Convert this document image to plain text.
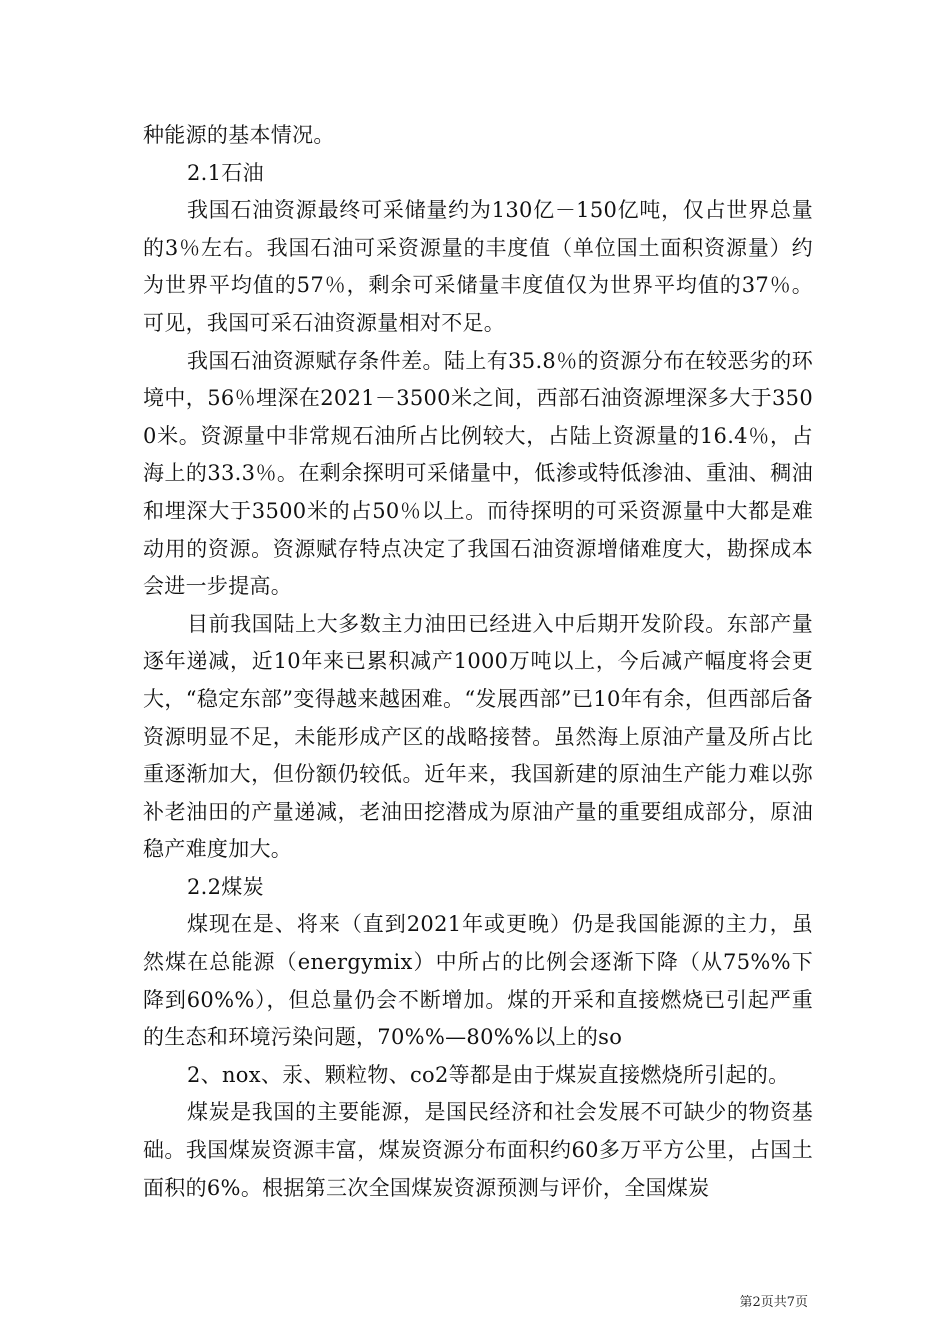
种能源的基本情况。

2.1石油

我国石油资源最终可采储量约为130亿－150亿吨，仅占世界总量的3％左右。我国石油可采资源量的丰度值（单位国土面积资源量）约为世界平均值的57％，剩余可采储量丰度值仅为世界平均值的37％。可见，我国可采石油资源量相对不足。

我国石油资源赋存条件差。陆上有35.8％的资源分布在较恶劣的环境中，56％埋深在2021－3500米之间，西部石油资源埋深多大于3500米。资源量中非常规石油所占比例较大，占陆上资源量的16.4％，占海上的33.3％。在剩余探明可采储量中，低渗或特低渗油、重油、稠油和埋深大于3500米的占50％以上。而待探明的可采资源量中大都是难动用的资源。资源赋存特点决定了我国石油资源增储难度大，勘探成本会进一步提高。

目前我国陆上大多数主力油田已经进入中后期开发阶段。东部产量逐年递减，近10年来已累积减产1000万吨以上，今后减产幅度将会更大，“稳定东部”变得越来越困难。“发展西部”已10年有余，但西部后备资源明显不足，未能形成产区的战略接替。虽然海上原油产量及所占比重逐渐加大，但份额仍较低。近年来，我国新建的原油生产能力难以弥补老油田的产量递减，老油田挖潜成为原油产量的重要组成部分，原油稳产难度加大。

2.2煤炭

煤现在是、将来（直到2021年或更晚）仍是我国能源的主力，虽然煤在总能源（energymix）中所占的比例会逐渐下降（从75%%下降到60%%），但总量仍会不断增加。煤的开采和直接燃烧已引起严重的生态和环境污染问题，70%%—80%%以上的so

2、nox、汞、颗粒物、co2等都是由于煤炭直接燃烧所引起的。

煤炭是我国的主要能源，是国民经济和社会发展不可缺少的物资基础。我国煤炭资源丰富，煤炭资源分布面积约60多万平方公里，占国土面积的6%。根据第三次全国煤炭资源预测与评价，全国煤炭

第2页共7页
